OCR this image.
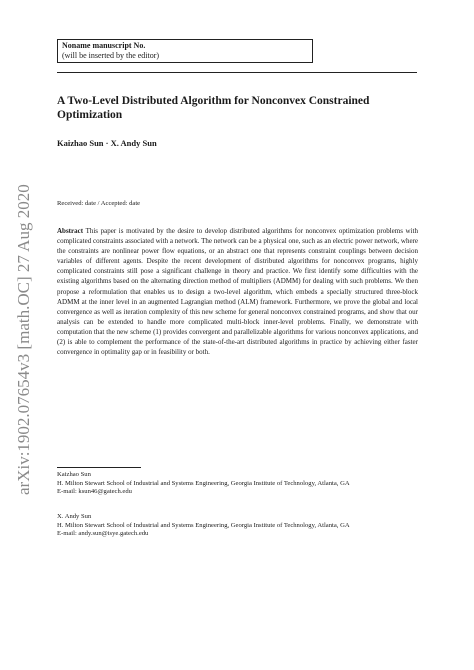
arXiv:1902.07654v3 [math.OC] 27 Aug 2020
Noname manuscript No.
(will be inserted by the editor)
A Two-Level Distributed Algorithm for Nonconvex Constrained Optimization
Kaizhao Sun · X. Andy Sun
Received: date / Accepted: date

Abstract This paper is motivated by the desire to develop distributed algorithms for nonconvex optimization problems with complicated constraints associated with a network. The network can be a physical one, such as an electric power network, where the constraints are nonlinear power flow equations, or an abstract one that represents constraint couplings between decision variables of different agents. Despite the recent development of distributed algorithms for nonconvex programs, highly complicated constraints still pose a significant challenge in theory and practice. We first identify some difficulties with the existing algorithms based on the alternating direction method of multipliers (ADMM) for dealing with such problems. We then propose a reformulation that enables us to design a two-level algorithm, which embeds a specially structured three-block ADMM at the inner level in an augmented Lagrangian method (ALM) framework. Furthermore, we prove the global and local convergence as well as iteration complexity of this new scheme for general nonconvex constrained programs, and show that our analysis can be extended to handle more complicated multi-block inner-level problems. Finally, we demonstrate with computation that the new scheme (1) provides convergent and parallelizable algorithms for various nonconvex applications, and (2) is able to complement the performance of the state-of-the-art distributed algorithms in practice by achieving either faster convergence in optimality gap or in feasibility or both.

Kaizhao Sun
H. Milton Stewart School of Industrial and Systems Engineering, Georgia Institute of Technology, Atlanta, GA
E-mail: ksun46@gatech.edu
X. Andy Sun
H. Milton Stewart School of Industrial and Systems Engineering, Georgia Institute of Technology, Atlanta, GA
E-mail: andy.sun@isye.gatech.edu
